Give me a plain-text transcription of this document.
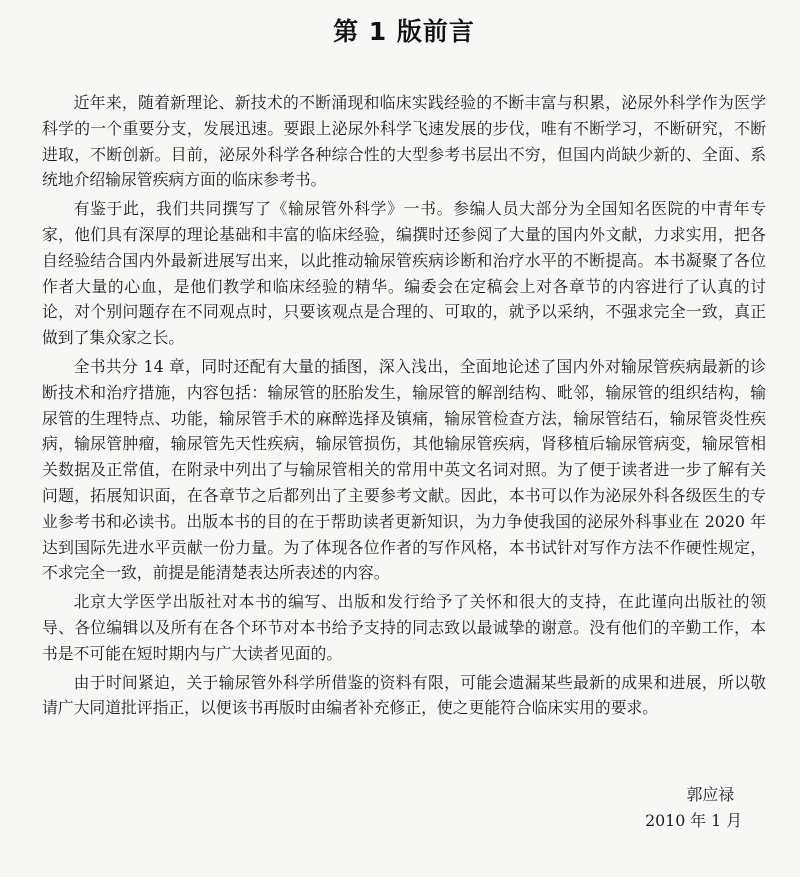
第 1 版前言

近年来，随着新理论、新技术的不断涌现和临床实践经验的不断丰富与积累，泌尿外科学作为医学科学的一个重要分支，发展迅速。要跟上泌尿外科学飞速发展的步伐，唯有不断学习，不断研究，不断进取，不断创新。目前，泌尿外科学各种综合性的大型参考书层出不穷，但国内尚缺少新的、全面、系统地介绍输尿管疾病方面的临床参考书。

有鉴于此，我们共同撰写了《输尿管外科学》一书。参编人员大部分为全国知名医院的中青年专家，他们具有深厚的理论基础和丰富的临床经验，编撰时还参阅了大量的国内外文献，力求实用，把各自经验结合国内外最新进展写出来，以此推动输尿管疾病诊断和治疗水平的不断提高。本书凝聚了各位作者大量的心血，是他们教学和临床经验的精华。编委会在定稿会上对各章节的内容进行了认真的讨论，对个别问题存在不同观点时，只要该观点是合理的、可取的，就予以采纳，不强求完全一致，真正做到了集众家之长。

全书共分 14 章，同时还配有大量的插图，深入浅出，全面地论述了国内外对输尿管疾病最新的诊断技术和治疗措施，内容包括：输尿管的胚胎发生，输尿管的解剖结构、毗邻，输尿管的组织结构，输尿管的生理特点、功能，输尿管手术的麻醉选择及镇痛，输尿管检查方法，输尿管结石，输尿管炎性疾病，输尿管肿瘤，输尿管先天性疾病，输尿管损伤，其他输尿管疾病，肾移植后输尿管病变，输尿管相关数据及正常值，在附录中列出了与输尿管相关的常用中英文名词对照。为了便于读者进一步了解有关问题，拓展知识面，在各章节之后都列出了主要参考文献。因此，本书可以作为泌尿外科各级医生的专业参考书和必读书。出版本书的目的在于帮助读者更新知识，为力争使我国的泌尿外科事业在 2020 年达到国际先进水平贡献一份力量。为了体现各位作者的写作风格，本书试针对写作方法不作硬性规定，不求完全一致，前提是能清楚表达所表述的内容。

北京大学医学出版社对本书的编写、出版和发行给予了关怀和很大的支持，在此谨向出版社的领导、各位编辑以及所有在各个环节对本书给予支持的同志致以最诚挚的谢意。没有他们的辛勤工作，本书是不可能在短时期内与广大读者见面的。

由于时间紧迫，关于输尿管外科学所借鉴的资料有限，可能会遗漏某些最新的成果和进展，所以敬请广大同道批评指正，以便该书再版时由编者补充修正，使之更能符合临床实用的要求。

郭应禄
2010 年 1 月
